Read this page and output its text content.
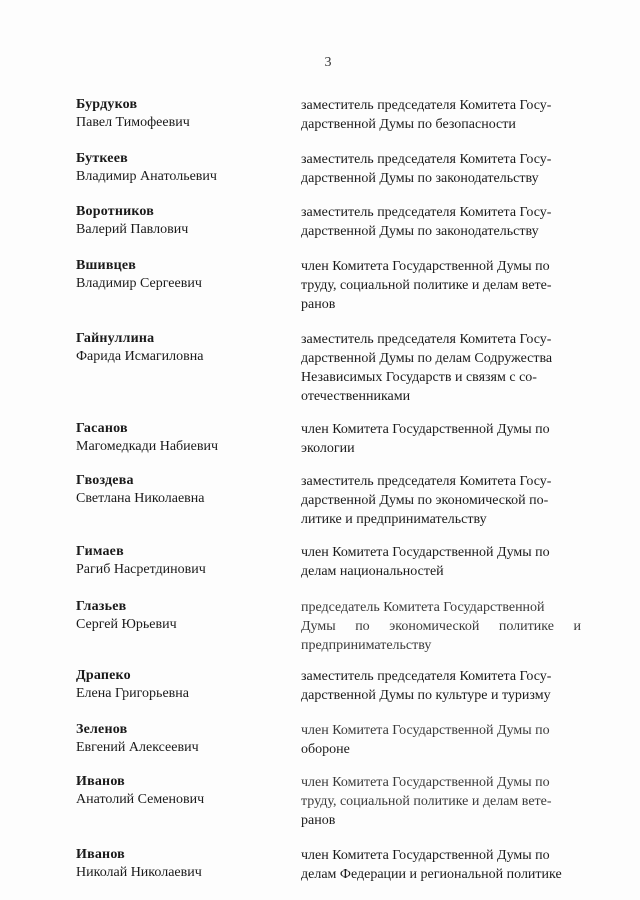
3
Бурдуков
Павел Тимофеевич
заместитель председателя Комитета Госу-
дарственной Думы по безопасности
Буткеев
Владимир Анатольевич
заместитель председателя Комитета Госу-
дарственной Думы по законодательству
Воротников
Валерий Павлович
заместитель председателя Комитета Госу-
дарственной Думы по законодательству
Вшивцев
Владимир Сергеевич
член Комитета Государственной Думы по
труду, социальной политике и делам вете-
ранов
Гайнуллина
Фарида Исмагиловна
заместитель председателя Комитета Госу-
дарственной Думы по делам Содружества
Независимых Государств и связям с со-
отечественниками
Гасанов
Магомедкади Набиевич
член Комитета Государственной Думы по
экологии
Гвоздева
Светлана Николаевна
заместитель председателя Комитета Госу-
дарственной Думы по экономической по-
литике и предпринимательству
Гимаев
Рагиб Насретдинович
член Комитета Государственной Думы по
делам национальностей
Глазьев
Сергей Юрьевич
председатель Комитета Государственной
Думы по экономической политике и
предпринимательству
Драпеко
Елена Григорьевна
заместитель председателя Комитета Госу-
дарственной Думы по культуре и туризму
Зеленов
Евгений Алексеевич
член Комитета Государственной Думы по
обороне
Иванов
Анатолий Семенович
член Комитета Государственной Думы по
труду, социальной политике и делам вете-
ранов
Иванов
Николай Николаевич
член Комитета Государственной Думы по
делам Федерации и региональной политике
